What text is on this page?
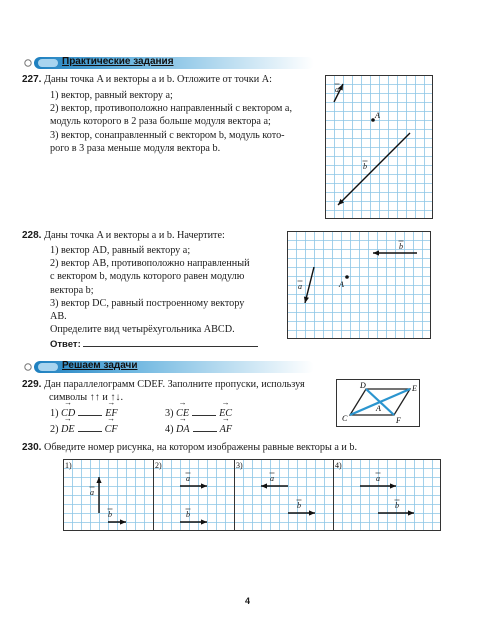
Практические задания
227. Даны точка A и векторы a и b. Отложите от точки A:
1) вектор, равный вектору a;
2) вектор, противоположно направленный с вектором a,
модуль которого в 2 раза больше модуля вектора a;
3) вектор, сонаправленный с вектором b, модуль кото-
рого в 3 раза меньше модуля вектора b.
a
b
A
228. Даны точка A и векторы a и b. Начертите:
1) вектор AD, равный вектору a;
2) вектор AB, противоположно направленный
с вектором b, модуль которого равен модулю
вектора b;
3) вектор DC, равный построенному вектору
AB.
Определите вид четырёхугольника ABCD.
Ответ:
b
a	A
Решаем задачи
229. Дан параллелограмм CDEF. Заполните пропуски, используя
символы ↑↑ и ↑↓.
1) → CD	→ EF	3) → CE	→ EC
2) → DE	→ CF	4) → DA	→ AF
D	E
C	F
A
230. Обведите номер рисунка, на котором изображены равные векторы a и b.
1)	2)	3)	4)
a
b
a
b
a
b
a
b
4
